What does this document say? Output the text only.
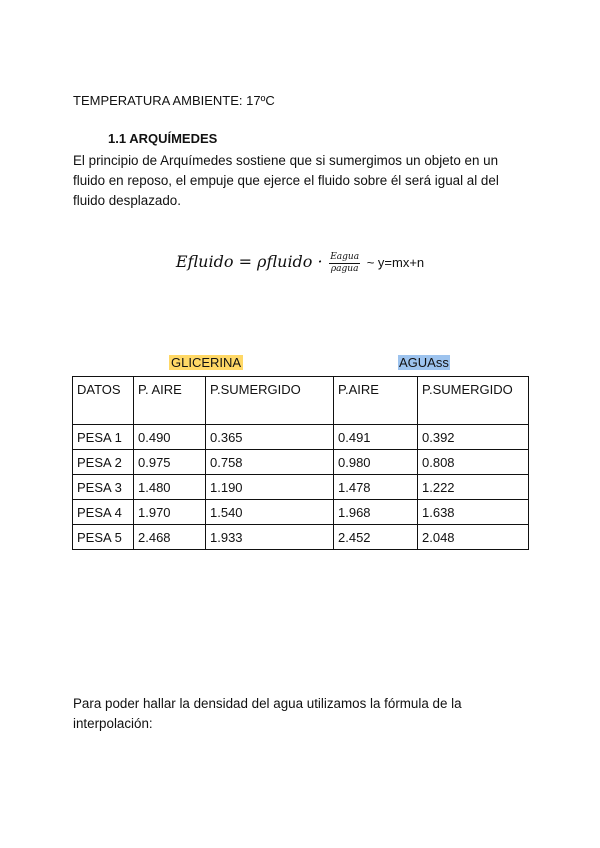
TEMPERATURA AMBIENTE: 17ºC
1.1 ARQUÍMEDES
El principio de Arquímedes sostiene que si sumergimos un objeto en un fluido en reposo, el empuje que ejerce el fluido sobre él será igual al del fluido desplazado.
Efluido = ρfluido · $\frac{\text{Eagua}}{\text{ρagua}}$ ~ y=mx+n
GLICERINA	AGUAss
DATOS	P. AIRE	P.SUMERGIDO	P.AIRE	P.SUMERGIDO
PESA 1	0.490	0.365	0.491	0.392
PESA 2	0.975	0.758	0.980	0.808
PESA 3	1.480	1.190	1.478	1.222
PESA 4	1.970	1.540	1.968	1.638
PESA 5	2.468	1.933	2.452	2.048
Para poder hallar la densidad del agua utilizamos la fórmula de la interpolación:
